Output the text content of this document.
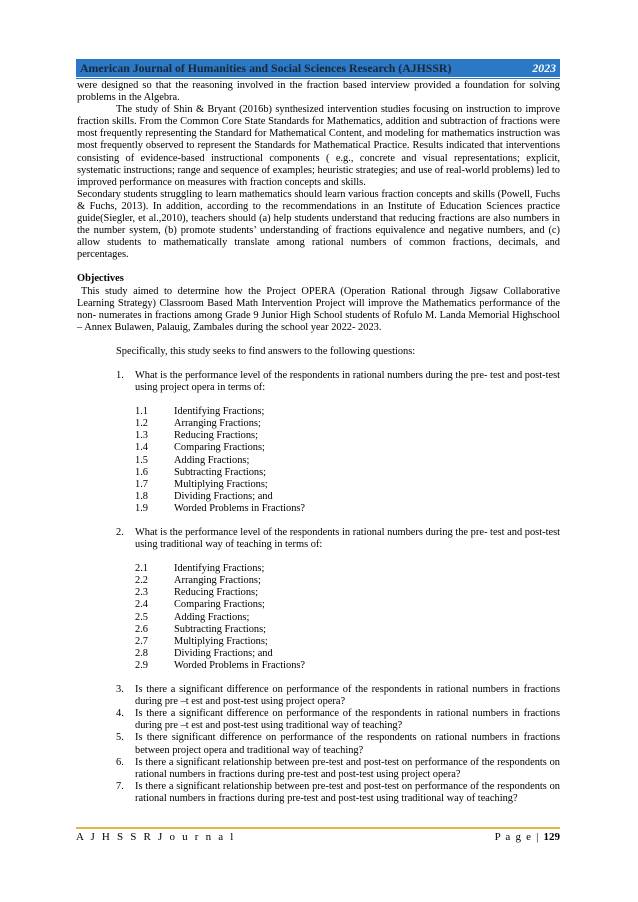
American Journal of Humanities and Social Sciences Research (AJHSSR)	2023

were designed so that the reasoning involved in the fraction based interview provided a foundation for solving problems in the Algebra.

The study of Shin & Bryant (2016b) synthesized intervention studies focusing on instruction to improve fraction skills. From the Common Core State Standards for Mathematics, addition and subtraction of fractions were most frequently representing the Standard for Mathematical Content, and modeling for mathematics instruction was most frequently observed to represent the Standards for Mathematical Practice. Results indicated that interventions consisting of evidence-based instructional components ( e.g., concrete and visual representations; explicit, systematic instructions; range and sequence of examples; heuristic strategies; and use of real-world problems) led to improved performance on measures with fraction concepts and skills.

Secondary students struggling to learn mathematics should learn various fraction concepts and skills (Powell, Fuchs & Fuchs, 2013). In addition, according to the recommendations in an Institute of Education Sciences practice guide(Siegler, et al.,2010), teachers should (a) help students understand that reducing fractions are also numbers in the number system, (b) promote students’ understanding of fractions equivalence and negative numbers, and (c) allow students to mathematically translate among rational numbers of common fractions, decimals, and percentages.

Objectives

This study aimed to determine how the Project OPERA (Operation Rational through Jigsaw Collaborative Learning Strategy) Classroom Based Math Intervention Project will improve the Mathematics performance of the non- numerates in fractions among Grade 9 Junior High School students of Rofulo M. Landa Memorial Highschool – Annex Bulawen, Palauig, Zambales during the school year 2022- 2023.

Specifically, this study seeks to find answers to the following questions:

1.	What is the performance level of the respondents in rational numbers during the pre- test and post-test using project opera in terms of:
1.1	Identifying Fractions;
1.2	Arranging Fractions;
1.3	Reducing Fractions;
1.4	Comparing Fractions;
1.5	Adding Fractions;
1.6	Subtracting Fractions;
1.7	Multiplying Fractions;
1.8	Dividing Fractions; and
1.9	Worded Problems in Fractions?
2.	What is the performance level of the respondents in rational numbers during the pre- test and post-test using traditional way of teaching in terms of:
2.1	Identifying Fractions;
2.2	Arranging Fractions;
2.3	Reducing Fractions;
2.4	Comparing Fractions;
2.5	Adding Fractions;
2.6	Subtracting Fractions;
2.7	Multiplying Fractions;
2.8	Dividing Fractions; and
2.9	Worded Problems in Fractions?
3.	Is there a significant difference on performance of the respondents in rational numbers in fractions during pre –t est and post-test using project opera?
4.	Is there a significant difference on performance of the respondents in rational numbers in fractions during pre –t est and post-test using traditional way of teaching?
5.	Is there significant difference on performance of the respondents on rational numbers in fractions between project opera and traditional way of teaching?
6.	Is there a significant relationship between pre-test and post-test on performance of the respondents on rational numbers in fractions during pre-test and post-test using project opera?
7.	Is there a significant relationship between pre-test and post-test on performance of the respondents on rational numbers in fractions during pre-test and post-test using traditional way of teaching?
A J H S S R J o u r n a l	P a g e | 129
